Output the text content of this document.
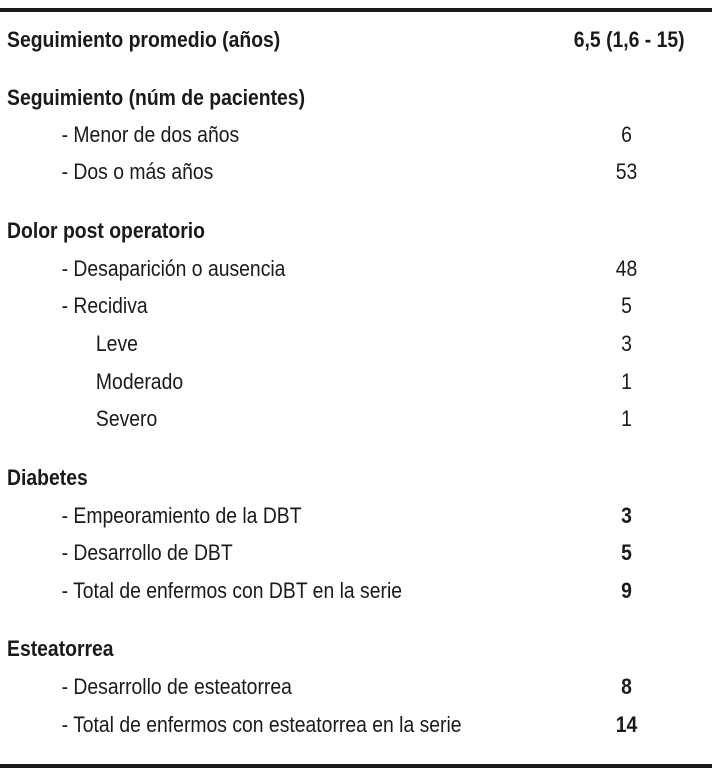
Seguimiento promedio (años)	6,5 (1,6 - 15)
Seguimiento (núm de pacientes)
- Menor de dos años	6
- Dos o más años	53
Dolor post operatorio
- Desaparición o ausencia	48
- Recidiva	5
Leve	3
Moderado	1
Severo	1
Diabetes
- Empeoramiento de la DBT	3
- Desarrollo de DBT	5
- Total de enfermos con DBT en la serie	9
Esteatorrea
- Desarrollo de esteatorrea	8
- Total de enfermos con esteatorrea en la serie	14
